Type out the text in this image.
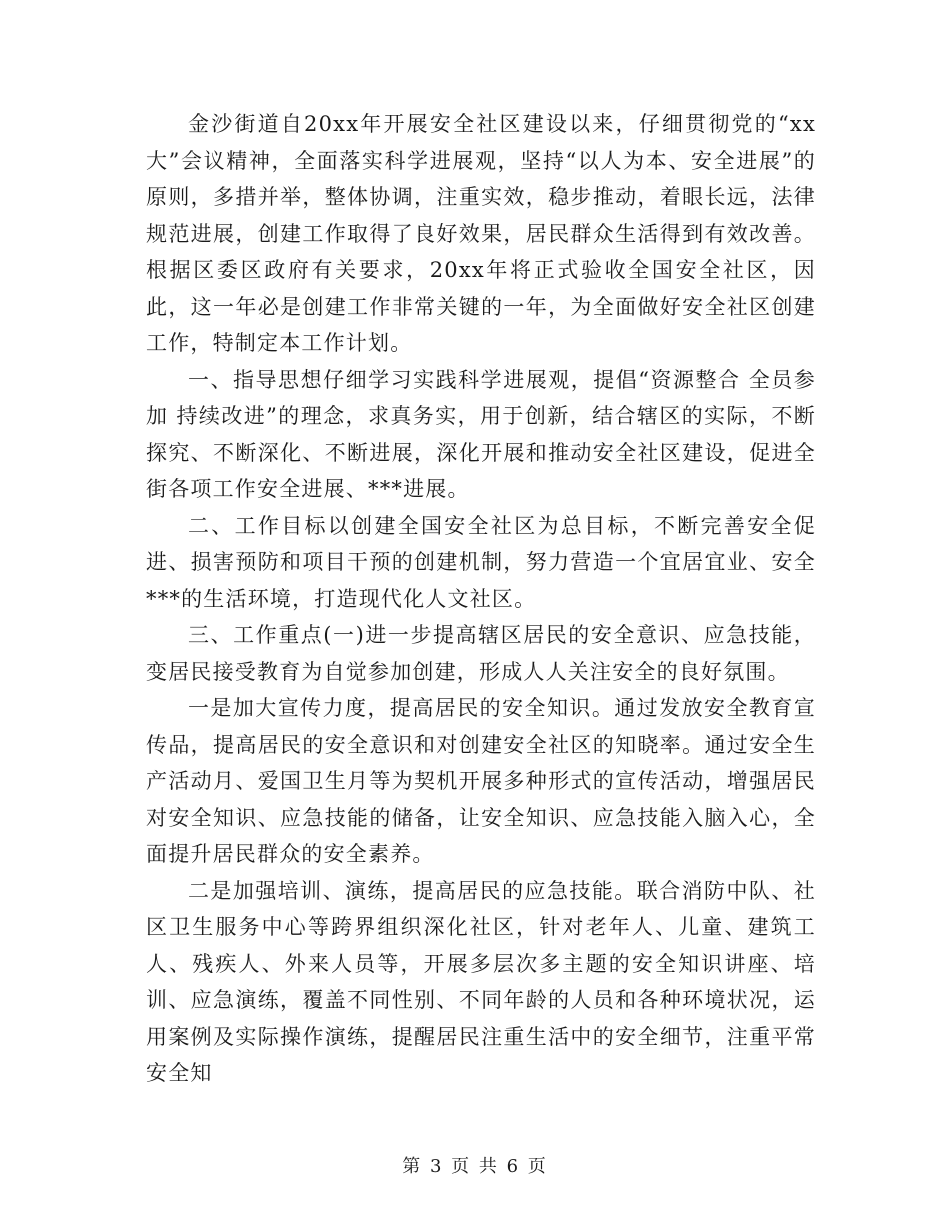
金沙街道自20xx年开展安全社区建设以来，仔细贯彻党的“xx大”会议精神，全面落实科学进展观，坚持“以人为本、安全进展”的原则，多措并举，整体协调，注重实效，稳步推动，着眼长远，法律规范进展，创建工作取得了良好效果，居民群众生活得到有效改善。根据区委区政府有关要求，20xx年将正式验收全国安全社区，因此，这一年必是创建工作非常关键的一年，为全面做好安全社区创建工作，特制定本工作计划。

一、指导思想仔细学习实践科学进展观，提倡“资源整合 全员参加 持续改进”的理念，求真务实，用于创新，结合辖区的实际，不断探究、不断深化、不断进展，深化开展和推动安全社区建设，促进全街各项工作安全进展、***进展。

二、工作目标以创建全国安全社区为总目标，不断完善安全促进、损害预防和项目干预的创建机制，努力营造一个宜居宜业、安全***的生活环境，打造现代化人文社区。

三、工作重点(一)进一步提高辖区居民的安全意识、应急技能，变居民接受教育为自觉参加创建，形成人人关注安全的良好氛围。

一是加大宣传力度，提高居民的安全知识。通过发放安全教育宣传品，提高居民的安全意识和对创建安全社区的知晓率。通过安全生产活动月、爱国卫生月等为契机开展多种形式的宣传活动，增强居民对安全知识、应急技能的储备，让安全知识、应急技能入脑入心，全面提升居民群众的安全素养。

二是加强培训、演练，提高居民的应急技能。联合消防中队、社区卫生服务中心等跨界组织深化社区，针对老年人、儿童、建筑工人、残疾人、外来人员等，开展多层次多主题的安全知识讲座、培训、应急演练，覆盖不同性别、不同年龄的人员和各种环境状况，运用案例及实际操作演练，提醒居民注重生活中的安全细节，注重平常安全知

第 3 页 共 6 页
